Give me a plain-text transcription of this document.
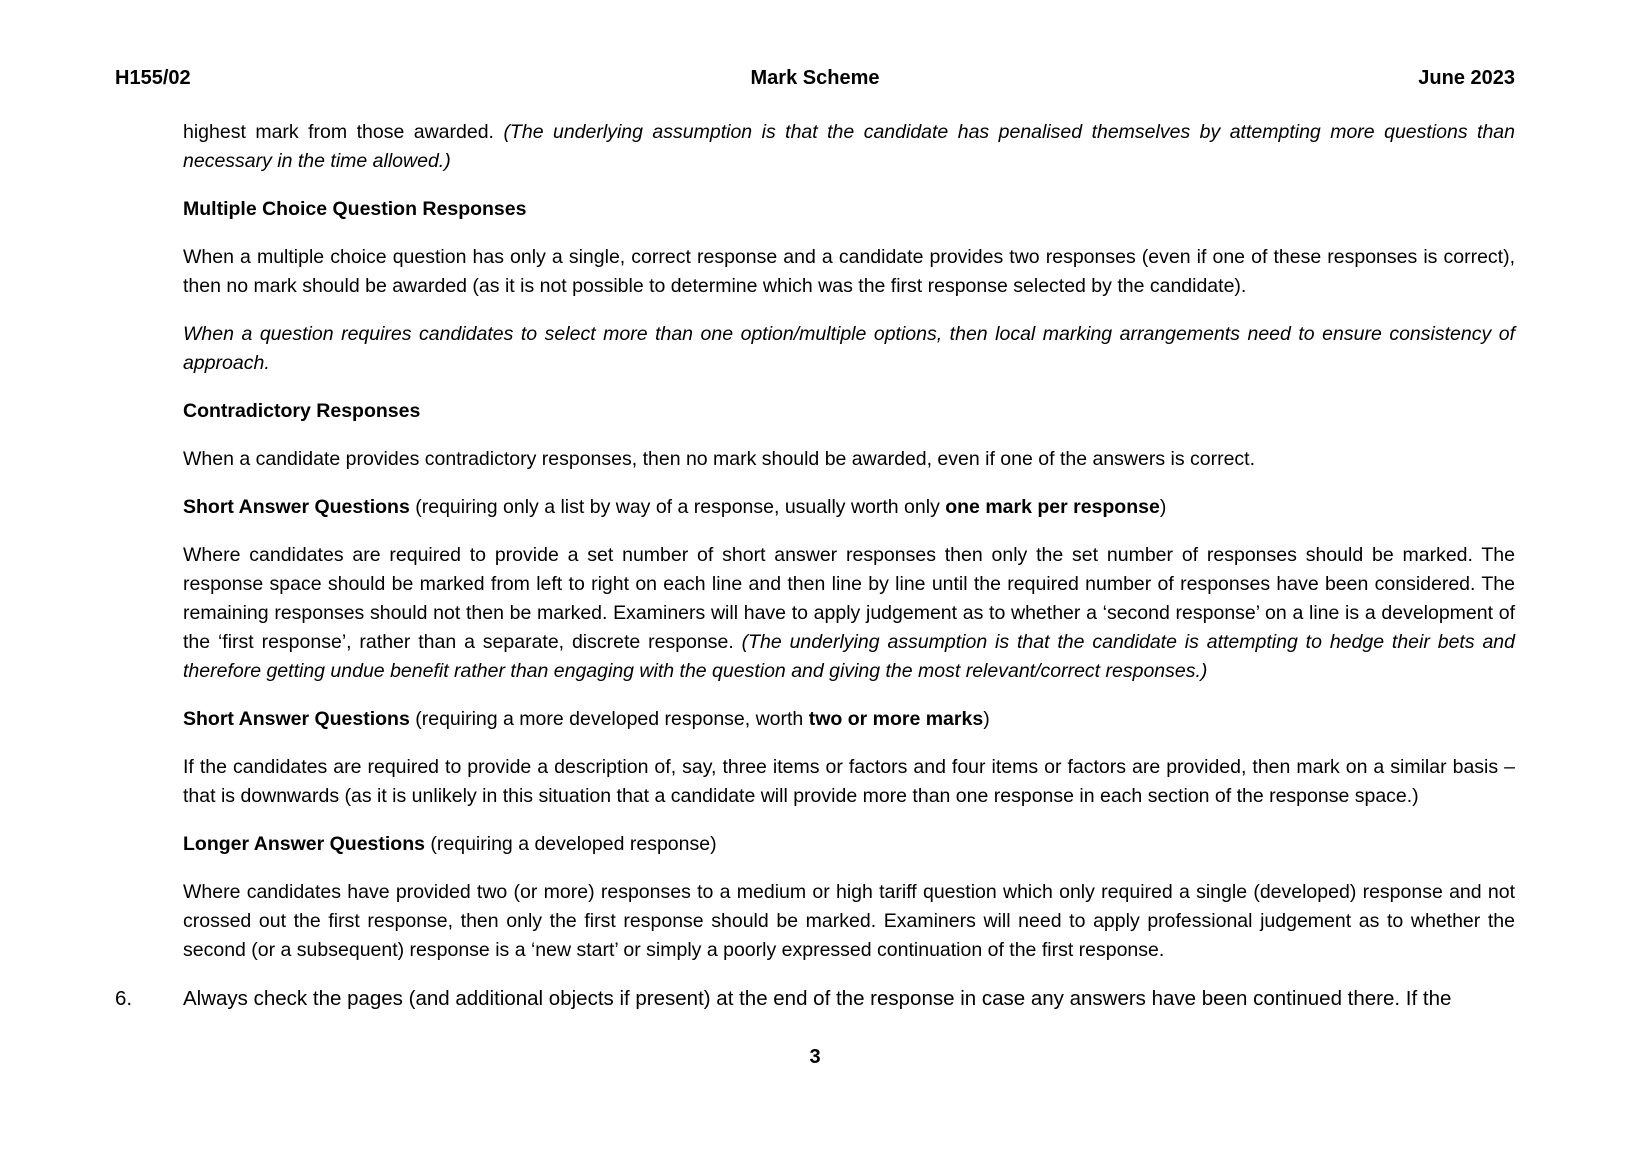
H155/02	Mark Scheme	June 2023

highest mark from those awarded. (The underlying assumption is that the candidate has penalised themselves by attempting more questions than necessary in the time allowed.)

Multiple Choice Question Responses

When a multiple choice question has only a single, correct response and a candidate provides two responses (even if one of these responses is correct), then no mark should be awarded (as it is not possible to determine which was the first response selected by the candidate).

When a question requires candidates to select more than one option/multiple options, then local marking arrangements need to ensure consistency of approach.

Contradictory Responses

When a candidate provides contradictory responses, then no mark should be awarded, even if one of the answers is correct.

Short Answer Questions (requiring only a list by way of a response, usually worth only one mark per response)

Where candidates are required to provide a set number of short answer responses then only the set number of responses should be marked. The response space should be marked from left to right on each line and then line by line until the required number of responses have been considered. The remaining responses should not then be marked. Examiners will have to apply judgement as to whether a ‘second response’ on a line is a development of the ‘first response’, rather than a separate, discrete response. (The underlying assumption is that the candidate is attempting to hedge their bets and therefore getting undue benefit rather than engaging with the question and giving the most relevant/correct responses.)

Short Answer Questions (requiring a more developed response, worth two or more marks)

If the candidates are required to provide a description of, say, three items or factors and four items or factors are provided, then mark on a similar basis – that is downwards (as it is unlikely in this situation that a candidate will provide more than one response in each section of the response space.)

Longer Answer Questions (requiring a developed response)

Where candidates have provided two (or more) responses to a medium or high tariff question which only required a single (developed) response and not crossed out the first response, then only the first response should be marked. Examiners will need to apply professional judgement as to whether the second (or a subsequent) response is a ‘new start’ or simply a poorly expressed continuation of the first response.

6.	Always check the pages (and additional objects if present) at the end of the response in case any answers have been continued there. If the
3
